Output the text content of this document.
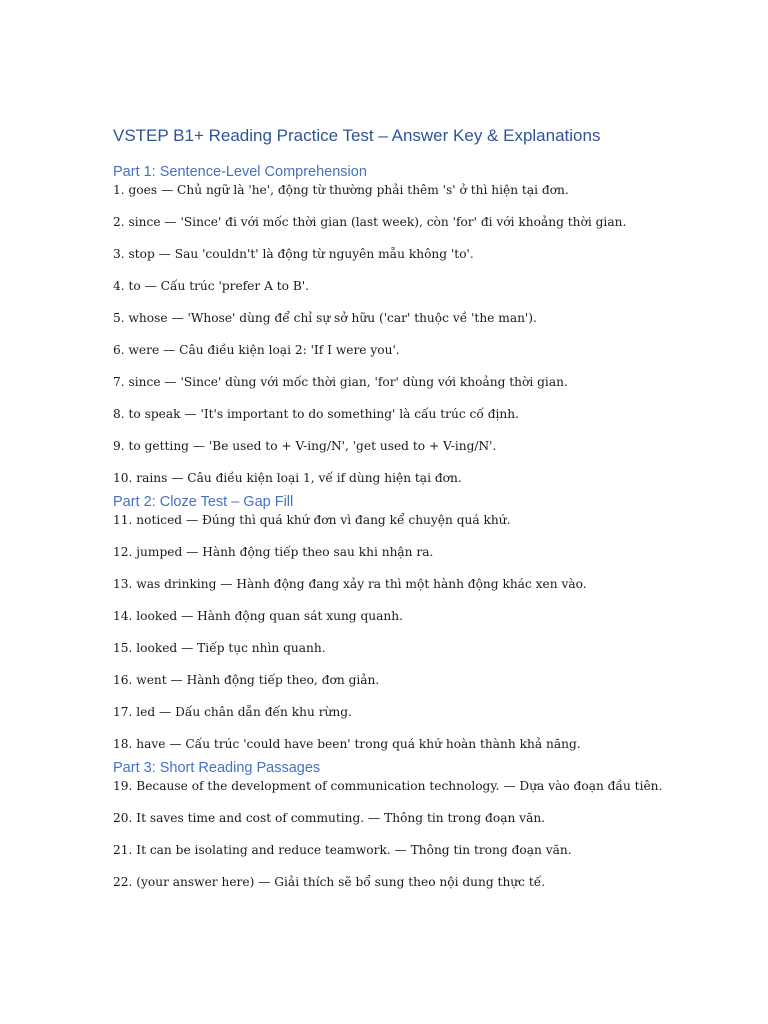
VSTEP B1+ Reading Practice Test – Answer Key & Explanations
Part 1: Sentence-Level Comprehension
1. goes — Chủ ngữ là 'he', động từ thường phải thêm 's' ở thì hiện tại đơn.
2. since — 'Since' đi với mốc thời gian (last week), còn 'for' đi với khoảng thời gian.
3. stop — Sau 'couldn't' là động từ nguyên mẫu không 'to'.
4. to — Cấu trúc 'prefer A to B'.
5. whose — 'Whose' dùng để chỉ sự sở hữu ('car' thuộc về 'the man').
6. were — Câu điều kiện loại 2: 'If I were you'.
7. since — 'Since' dùng với mốc thời gian, 'for' dùng với khoảng thời gian.
8. to speak — 'It's important to do something' là cấu trúc cố định.
9. to getting — 'Be used to + V-ing/N', 'get used to + V-ing/N'.
10. rains — Câu điều kiện loại 1, vế if dùng hiện tại đơn.
Part 2: Cloze Test – Gap Fill
11. noticed — Đúng thì quá khứ đơn vì đang kể chuyện quá khứ.
12. jumped — Hành động tiếp theo sau khi nhận ra.
13. was drinking — Hành động đang xảy ra thì một hành động khác xen vào.
14. looked — Hành động quan sát xung quanh.
15. looked — Tiếp tục nhìn quanh.
16. went — Hành động tiếp theo, đơn giản.
17. led — Dấu chân dẫn đến khu rừng.
18. have — Cấu trúc 'could have been' trong quá khứ hoàn thành khả năng.
Part 3: Short Reading Passages
19. Because of the development of communication technology. — Dựa vào đoạn đầu tiên.
20. It saves time and cost of commuting. — Thông tin trong đoạn văn.
21. It can be isolating and reduce teamwork. — Thông tin trong đoạn văn.
22. (your answer here) — Giải thích sẽ bổ sung theo nội dung thực tế.
